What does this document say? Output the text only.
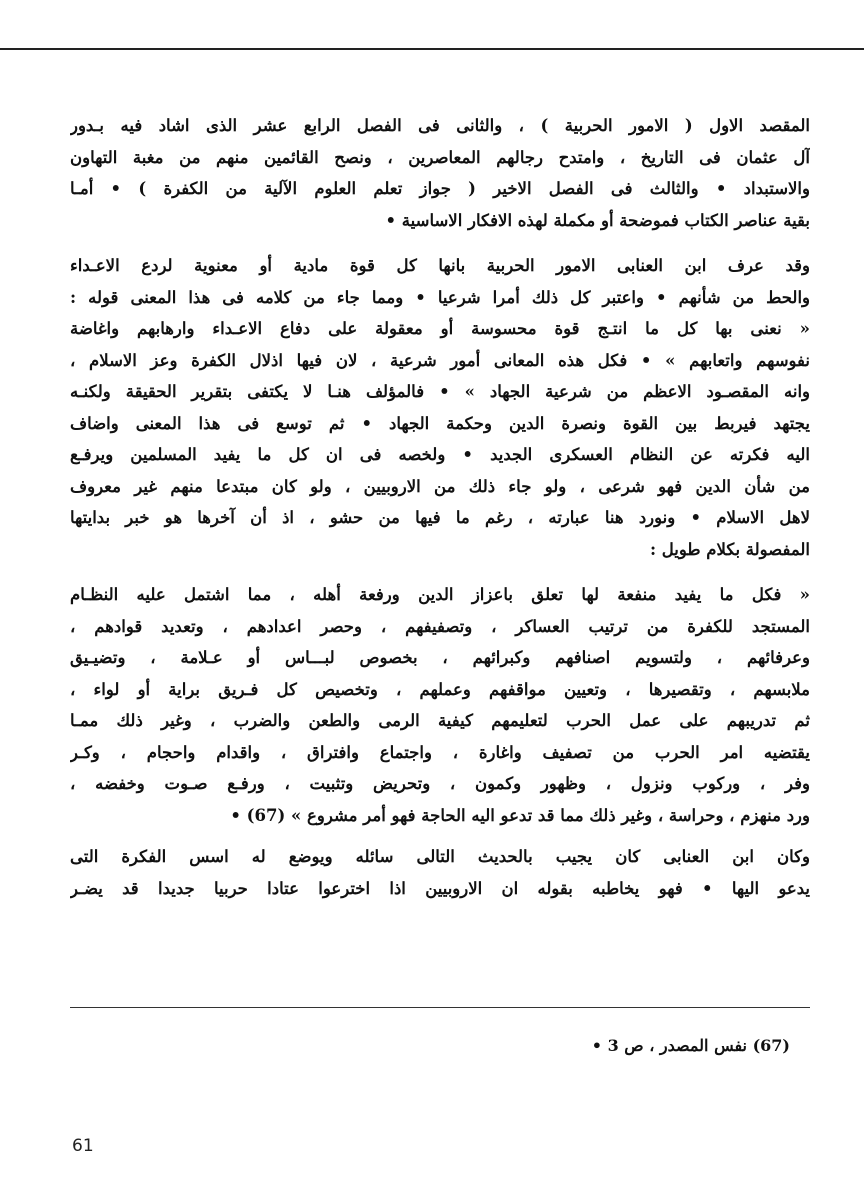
المقصد الاول ( الامور الحربية ) ، والثانى فى الفصل الرابع عشر الذى اشاد فيه بـدور
آل عثمان فى التاريخ ، وامتدح رجالهم المعاصرين ، ونصح القائمين منهم من مغبة التهاون
والاستبداد • والثالث فى الفصل الاخير ( جواز تعلم العلوم الآلية من الكفرة ) • أمـا
بقية عناصر الكتاب فموضحة أو مكملة لهذه الافكار الاساسية •
وقد عرف ابن العنابى الامور الحربية بانها كل قوة مادية أو معنوية لردع الاعـداء
والحط من شأنهم • واعتبر كل ذلك أمرا شرعيا • ومما جاء من كلامه فى هذا المعنى قوله :
« نعنى بها كل ما انتـج قوة محسوسة أو معقولة على دفاع الاعـداء وارهابهم واغاضة
نفوسهم واتعابهم » • فكل هذه المعانى أمور شرعية ، لان فيها اذلال الكفرة وعز الاسلام ،
وانه المقصـود الاعظم من شرعية الجهاد » • فالمؤلف هنـا لا يكتفى بتقرير الحقيقة ولكنـه
يجتهد فيربط بين القوة ونصرة الدين وحكمة الجهاد • ثم توسع فى هذا المعنى واضاف
اليه فكرته عن النظام العسكرى الجديد • ولخصه فى ان كل ما يفيد المسلمين ويرفـع
من شأن الدين فهو شرعى ، ولو جاء ذلك من الاروبيين ، ولو كان مبتدعا منهم غير معروف
لاهل الاسلام • ونورد هنا عبارته ، رغم ما فيها من حشو ، اذ أن آخرها هو خبر بدايتها
المفصولة بكلام طويل :
« فكل ما يفيد منفعة لها تعلق باعزاز الدين ورفعة أهله ، مما اشتمل عليه النظـام
المستجد للكفرة من ترتيب العساكر ، وتصفيفهم ، وحصر اعدادهم ، وتعديد قوادهم ،
وعرفائهم ، ولتسويم اصنافهم وكبرائهم ، بخصوص لبـــاس أو عـلامة ، وتضيـيق
ملابسهم ، وتقصيرها ، وتعيين مواقفهم وعملهم ، وتخصيص كل فـريق براية أو لواء ،
ثم تدريبهم على عمل الحرب لتعليمهم كيفية الرمى والطعن والضرب ، وغير ذلك ممـا
يقتضيه امر الحرب من تصفيف واغارة ، واجتماع وافتراق ، واقدام واحجام ، وكـر
وفر ، وركوب ونزول ، وظهور وكمون ، وتحريض وتثبيت ، ورفـع صـوت وخفضه ،
ورد منهزم ، وحراسة ، وغير ذلك مما قد تدعو اليه الحاجة فهو أمر مشروع » (67) •
وكان ابن العنابى كان يجيب بالحديث التالى سائله ويوضع له اسس الفكرة التى
يدعو اليها • فهو يخاطبه بقوله ان الاروبيين اذا اخترعوا عتادا حربيا جديدا قد يضـر
(67) نفس المصدر ، ص 3 •
61
